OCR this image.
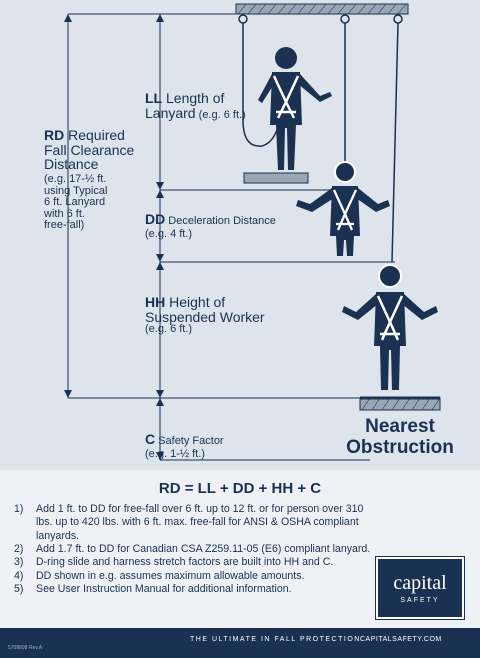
RD Required
Fall Clearance
Distance
(e.g. 17-½ ft.
using Typical
6 ft. Lanyard
with 6 ft.
free-fall)
LL Length of
Lanyard (e.g. 6 ft.)
DD Deceleration Distance
(e.g. 4 ft.)
HH Height of
Suspended Worker
(e.g. 6 ft.)
C Safety Factor
(e.g. 1-½ ft.)
Nearest
Obstruction
RD = LL + DD + HH + C
1) Add 1 ft. to DD for free-fall over 6 ft. up to 12 ft. or for person over 310 lbs. up to 420 lbs. with 6 ft. max. free-fall for ANSI & OSHA compliant lanyards.
2) Add 1.7 ft. to DD for Canadian CSA Z259.11-05 (E6) compliant lanyard.
3) D-ring slide and harness stretch factors are built into HH and C.
4) DD shown in e.g. assumes maximum allowable amounts.
5) See User Instruction Manual for additional information.	capital
SAFETY
5708698 Rev.A
THE ULTIMATE IN FALL PROTECTION CAPITALSAFETY.COM
